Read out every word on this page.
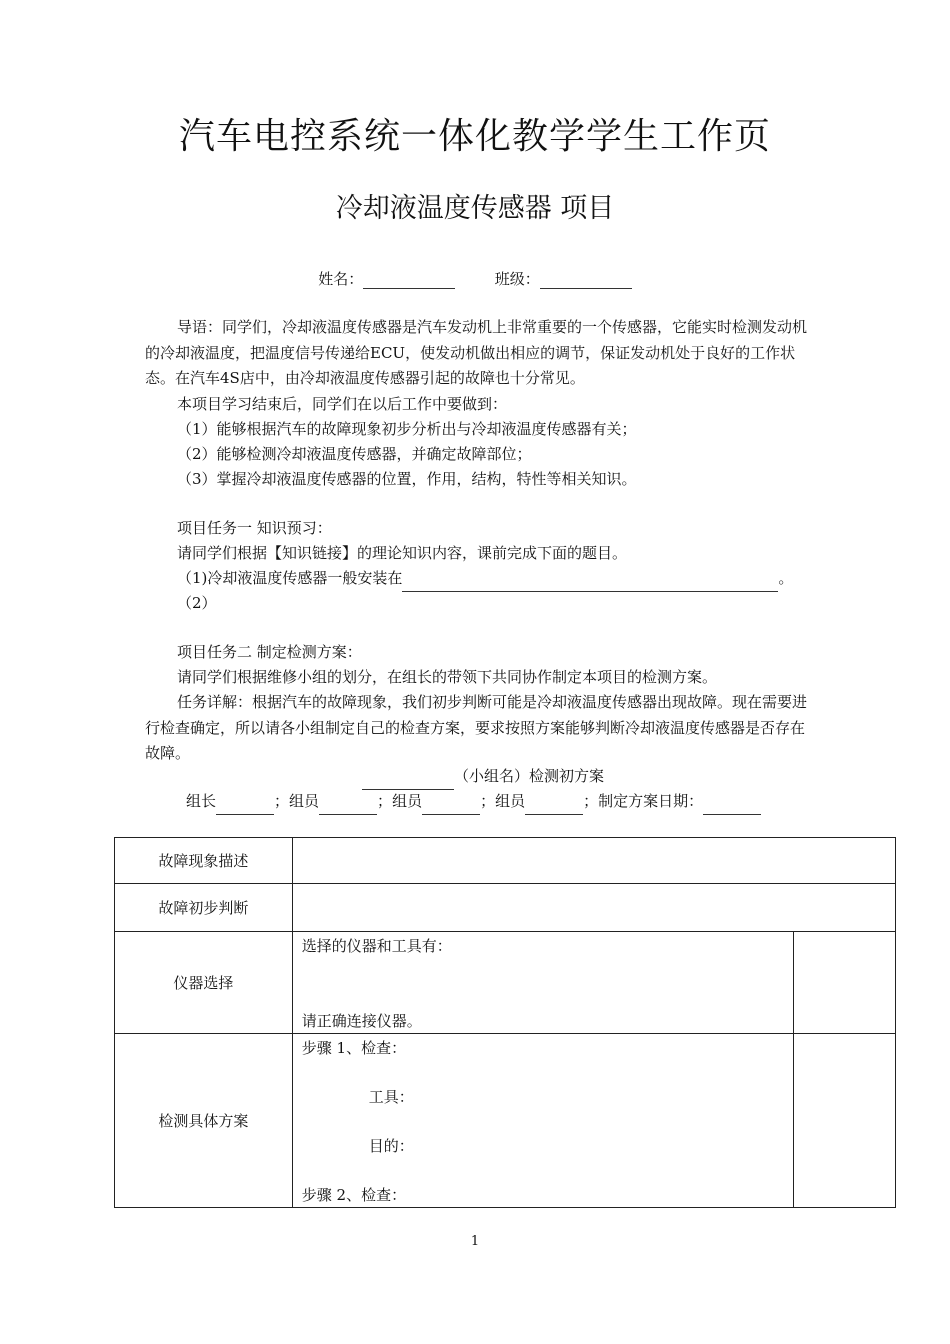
汽车电控系统一体化教学学生工作页
冷却液温度传感器 项目
姓名：	班级：
导语：同学们，冷却液温度传感器是汽车发动机上非常重要的一个传感器，它能实时检测发动机的冷却液温度，把温度信号传递给ECU，使发动机做出相应的调节，保证发动机处于良好的工作状态。在汽车4S店中，由冷却液温度传感器引起的故障也十分常见。
本项目学习结束后，同学们在以后工作中要做到：
（1）能够根据汽车的故障现象初步分析出与冷却液温度传感器有关；
（2）能够检测冷却液温度传感器，并确定故障部位；
（3）掌握冷却液温度传感器的位置，作用，结构，特性等相关知识。
项目任务一 知识预习：
请同学们根据【知识链接】的理论知识内容，课前完成下面的题目。
（1)冷却液温度传感器一般安装在	。
（2）
项目任务二 制定检测方案：
请同学们根据维修小组的划分，在组长的带领下共同协作制定本项目的检测方案。
任务详解：根据汽车的故障现象，我们初步判断可能是冷却液温度传感器出现故障。现在需要进行检查确定，所以请各小组制定自己的检查方案，要求按照方案能够判断冷却液温度传感器是否存在故障。
（小组名）检测初方案
组长	；组员	；组员	；组员	；制定方案日期：
故障现象描述		
故障初步判断		
仪器选择	选择的仪器和工具有：
请正确连接仪器。	

检测具体方案	步骤 1、检查：
工具：
目的：
步骤 2、检查：	

1
